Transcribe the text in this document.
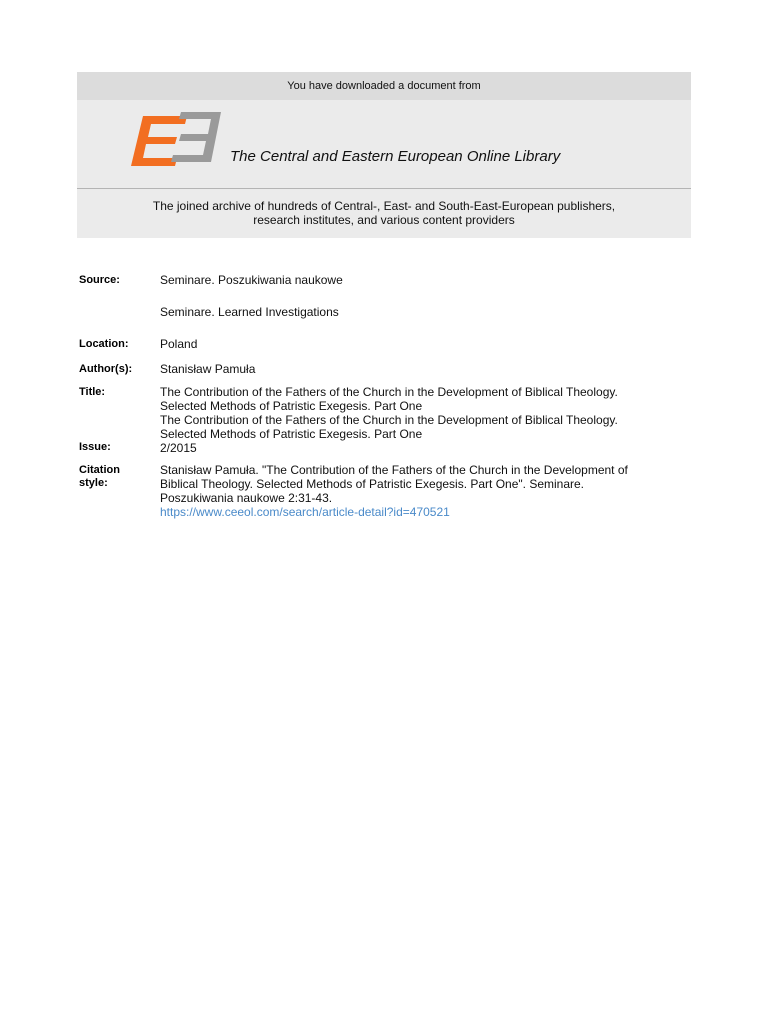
You have downloaded a document from
The Central and Eastern European Online Library
The joined archive of hundreds of Central-, East- and South-East-European publishers,
research institutes, and various content providers
Source:	Seminare. Poszukiwania naukowe
Seminare. Learned Investigations
Location:	Poland
Author(s): Stanisław Pamuła
Title:	The Contribution of the Fathers of the Church in the Development of Biblical Theology.
Selected Methods of Patristic Exegesis. Part One
The Contribution of the Fathers of the Church in the Development of Biblical Theology.
Selected Methods of Patristic Exegesis. Part One
Issue:	2/2015
Citation
style:
Stanisław Pamuła. "The Contribution of the Fathers of the Church in the Development of
Biblical Theology. Selected Methods of Patristic Exegesis. Part One". Seminare.
Poszukiwania naukowe 2:31-43.
https://www.ceeol.com/search/article-detail?id=470521
